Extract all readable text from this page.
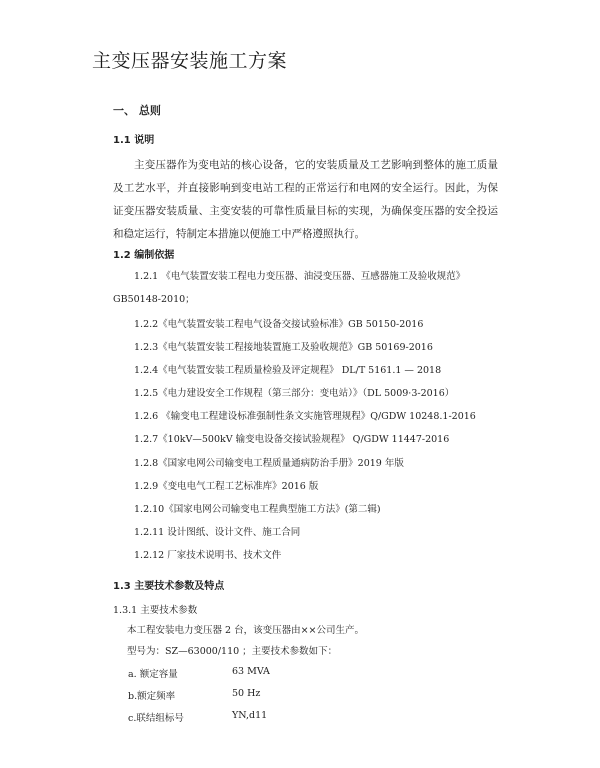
主变压器安装施工方案
一、 总则
1.1 说明
主变压器作为变电站的核心设备，它的安装质量及工艺影响到整体的施工质量及工艺水平，并直接影响到变电站工程的正常运行和电网的安全运行。因此，为保证变压器安装质量、主变安装的可靠性质量目标的实现，为确保变压器的安全投运和稳定运行，特制定本措施以便施工中严格遵照执行。
1.2 编制依据
1.2.1 《电气装置安装工程电力变压器、油浸变压器、互感器施工及验收规范》GB50148-2010；
1.2.2《电气装置安装工程电气设备交接试验标准》GB 50150-2016
1.2.3《电气装置安装工程接地装置施工及验收规范》GB 50169-2016
1.2.4《电气装置安装工程质量检验及评定规程》 DL/T 5161.1 — 2018
1.2.5《电力建设安全工作规程（第三部分：变电站）》（DL 5009·3-2016）
1.2.6 《输变电工程建设标准强制性条文实施管理规程》Q/GDW 10248.1-2016
1.2.7《10kV—500kV 输变电设备交接试验规程》 Q/GDW 11447-2016
1.2.8《国家电网公司输变电工程质量通病防治手册》2019 年版
1.2.9《变电电气工程工艺标准库》2016 版
1.2.10《国家电网公司输变电工程典型施工方法》(第二辑)
1.2.11 设计图纸、设计文件、施工合同
1.2.12 厂家技术说明书、技术文件
1.3 主要技术参数及特点
1.3.1 主要技术参数
本工程安装电力变压器 2 台，该变压器由××公司生产。
型号为：SZ—63000/110 ；主要技术参数如下：
a. 额定容量	63 MVA
b.额定频率	50 Hz
c.联结组标号	YN,d11
